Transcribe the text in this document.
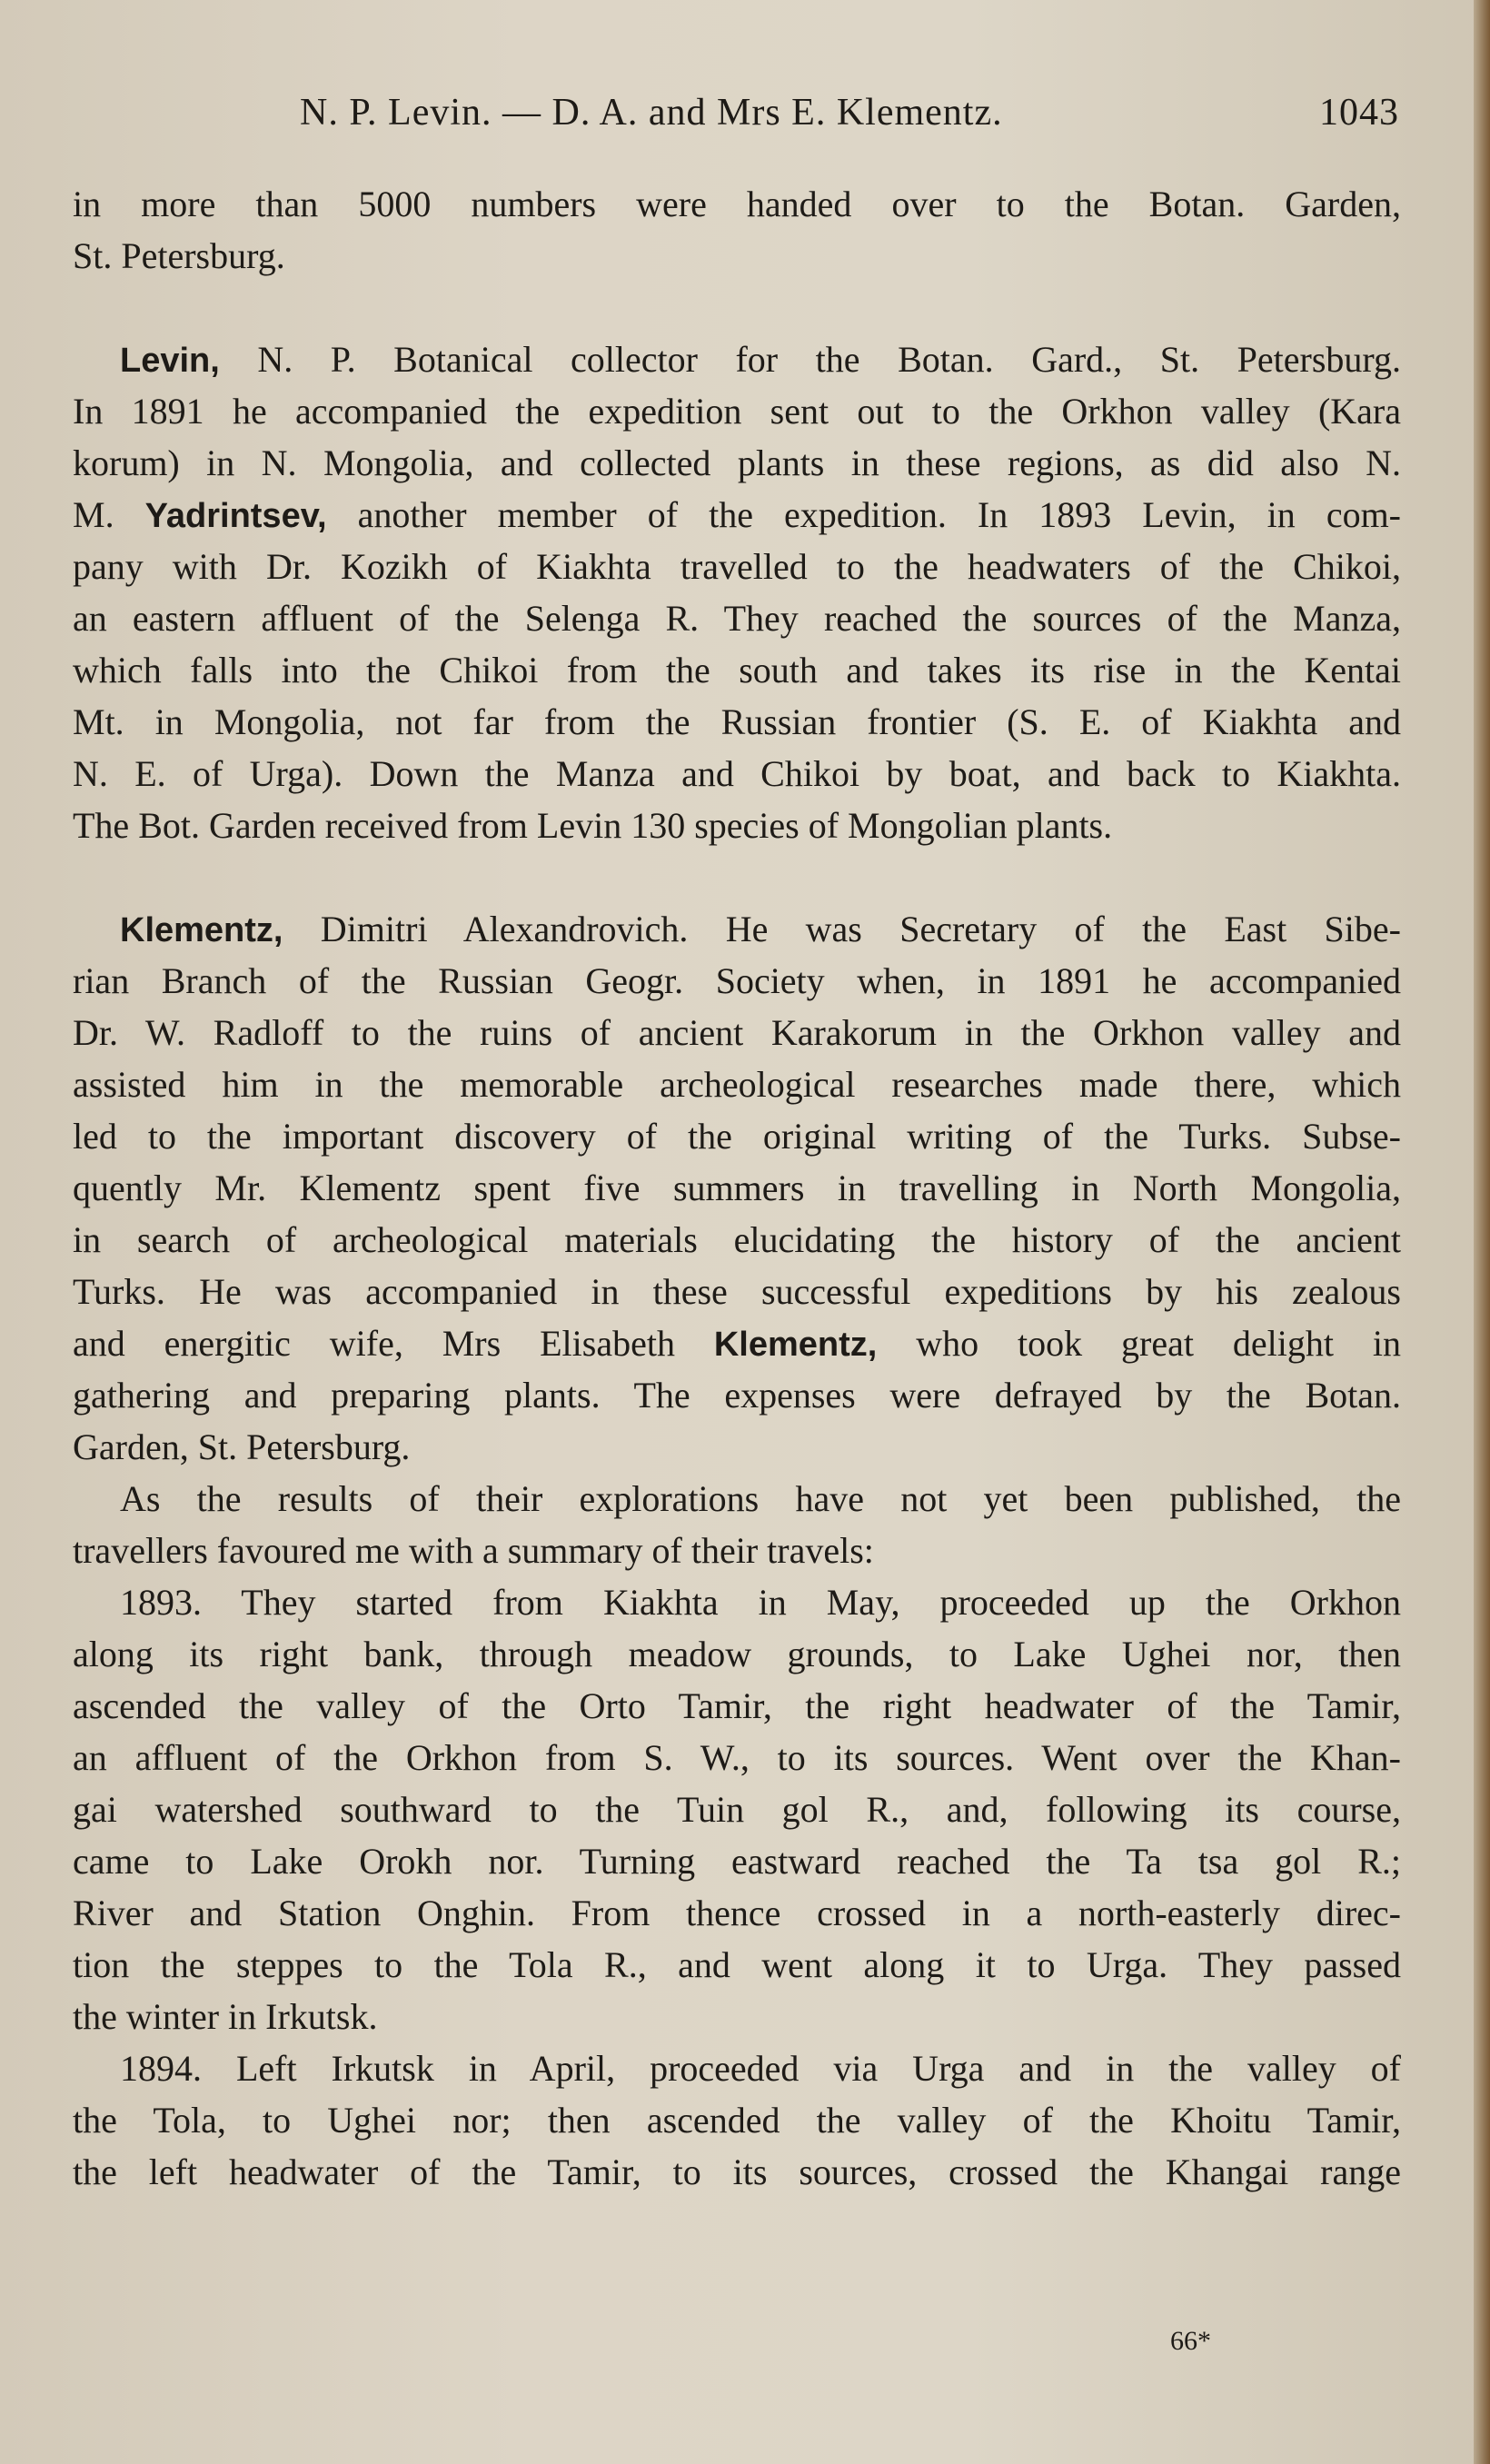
N. P. Levin. — D. A. and Mrs E. Klementz.	1043
in more than 5000 numbers were handed over to the Botan. Garden,
St. Petersburg.
Levin, N. P. Botanical collector for the Botan. Gard., St. Petersburg.
In 1891 he accompanied the expedition sent out to the Orkhon valley (Kara
korum) in N. Mongolia, and collected plants in these regions, as did also N.
M. Yadrintsev, another member of the expedition. In 1893 Levin, in com-
pany with Dr. Kozikh of Kiakhta travelled to the headwaters of the Chikoi,
an eastern affluent of the Selenga R. They reached the sources of the Manza,
which falls into the Chikoi from the south and takes its rise in the Kentai
Mt. in Mongolia, not far from the Russian frontier (S. E. of Kiakhta and
N. E. of Urga). Down the Manza and Chikoi by boat, and back to Kiakhta.
The Bot. Garden received from Levin 130 species of Mongolian plants.
Klementz, Dimitri Alexandrovich. He was Secretary of the East Sibe-
rian Branch of the Russian Geogr. Society when, in 1891 he accompanied
Dr. W. Radloff to the ruins of ancient Karakorum in the Orkhon valley and
assisted him in the memorable archeological researches made there, which
led to the important discovery of the original writing of the Turks. Subse-
quently Mr. Klementz spent five summers in travelling in North Mongolia,
in search of archeological materials elucidating the history of the ancient
Turks. He was accompanied in these successful expeditions by his zealous
and energitic wife, Mrs Elisabeth Klementz, who took great delight in
gathering and preparing plants. The expenses were defrayed by the Botan.
Garden, St. Petersburg.
As the results of their explorations have not yet been published, the
travellers favoured me with a summary of their travels:
1893. They started from Kiakhta in May, proceeded up the Orkhon
along its right bank, through meadow grounds, to Lake Ughei nor, then
ascended the valley of the Orto Tamir, the right headwater of the Tamir,
an affluent of the Orkhon from S. W., to its sources. Went over the Khan-
gai watershed southward to the Tuin gol R., and, following its course,
came to Lake Orokh nor. Turning eastward reached the Ta tsa gol R.;
River and Station Onghin. From thence crossed in a north-easterly direc-
tion the steppes to the Tola R., and went along it to Urga. They passed
the winter in Irkutsk.
1894. Left Irkutsk in April, proceeded via Urga and in the valley of
the Tola, to Ughei nor; then ascended the valley of the Khoitu Tamir,
the left headwater of the Tamir, to its sources, crossed the Khangai range
66*
